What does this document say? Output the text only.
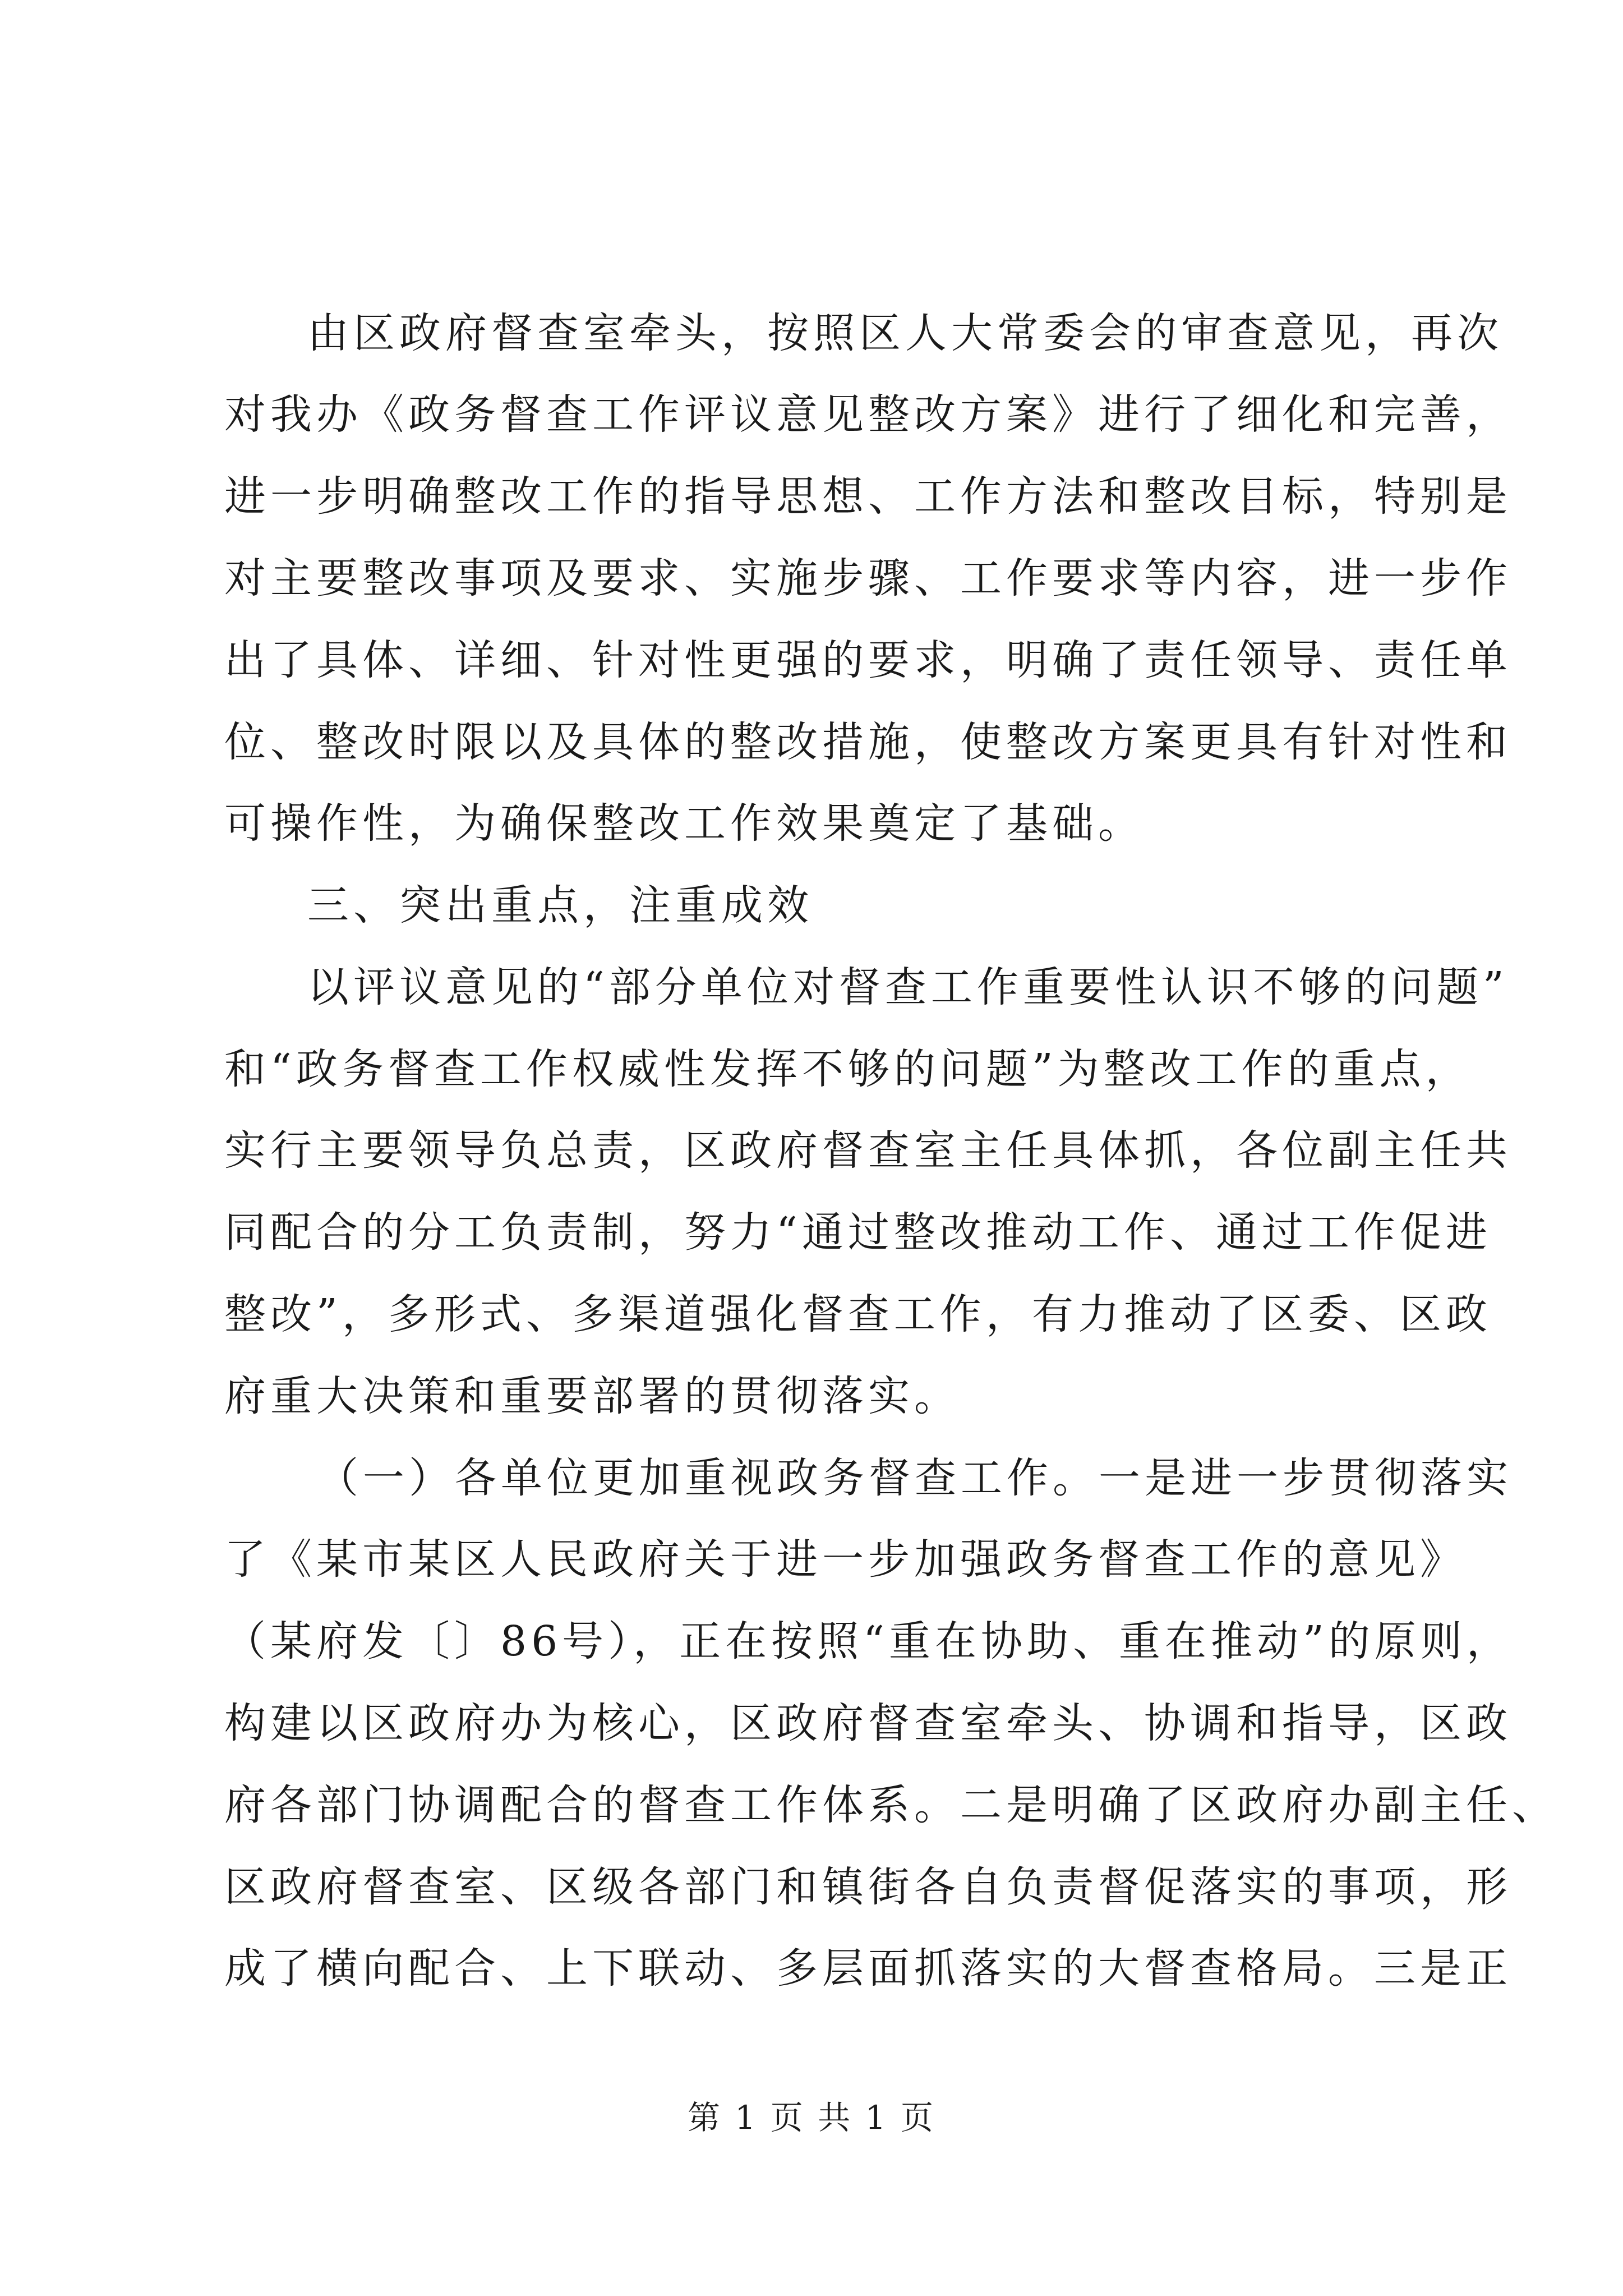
由区政府督查室牵头，按照区人大常委会的审查意见，再次
对我办《政务督查工作评议意见整改方案》进行了细化和完善，
进一步明确整改工作的指导思想、工作方法和整改目标，特别是
对主要整改事项及要求、实施步骤、工作要求等内容，进一步作
出了具体、详细、针对性更强的要求，明确了责任领导、责任单
位、整改时限以及具体的整改措施，使整改方案更具有针对性和
可操作性，为确保整改工作效果奠定了基础。
三、突出重点，注重成效
以评议意见的“部分单位对督查工作重要性认识不够的问题”
和“政务督查工作权威性发挥不够的问题”为整改工作的重点，
实行主要领导负总责，区政府督查室主任具体抓，各位副主任共
同配合的分工负责制，努力“通过整改推动工作、通过工作促进
整改”，多形式、多渠道强化督查工作，有力推动了区委、区政
府重大决策和重要部署的贯彻落实。
（一）各单位更加重视政务督查工作。一是进一步贯彻落实
了《某市某区人民政府关于进一步加强政务督查工作的意见》
（某府发〔〕86号），正在按照“重在协助、重在推动”的原则，
构建以区政府办为核心，区政府督查室牵头、协调和指导，区政
府各部门协调配合的督查工作体系。二是明确了区政府办副主任、
区政府督查室、区级各部门和镇街各自负责督促落实的事项，形
成了横向配合、上下联动、多层面抓落实的大督查格局。三是正
第 1 页 共 1 页
